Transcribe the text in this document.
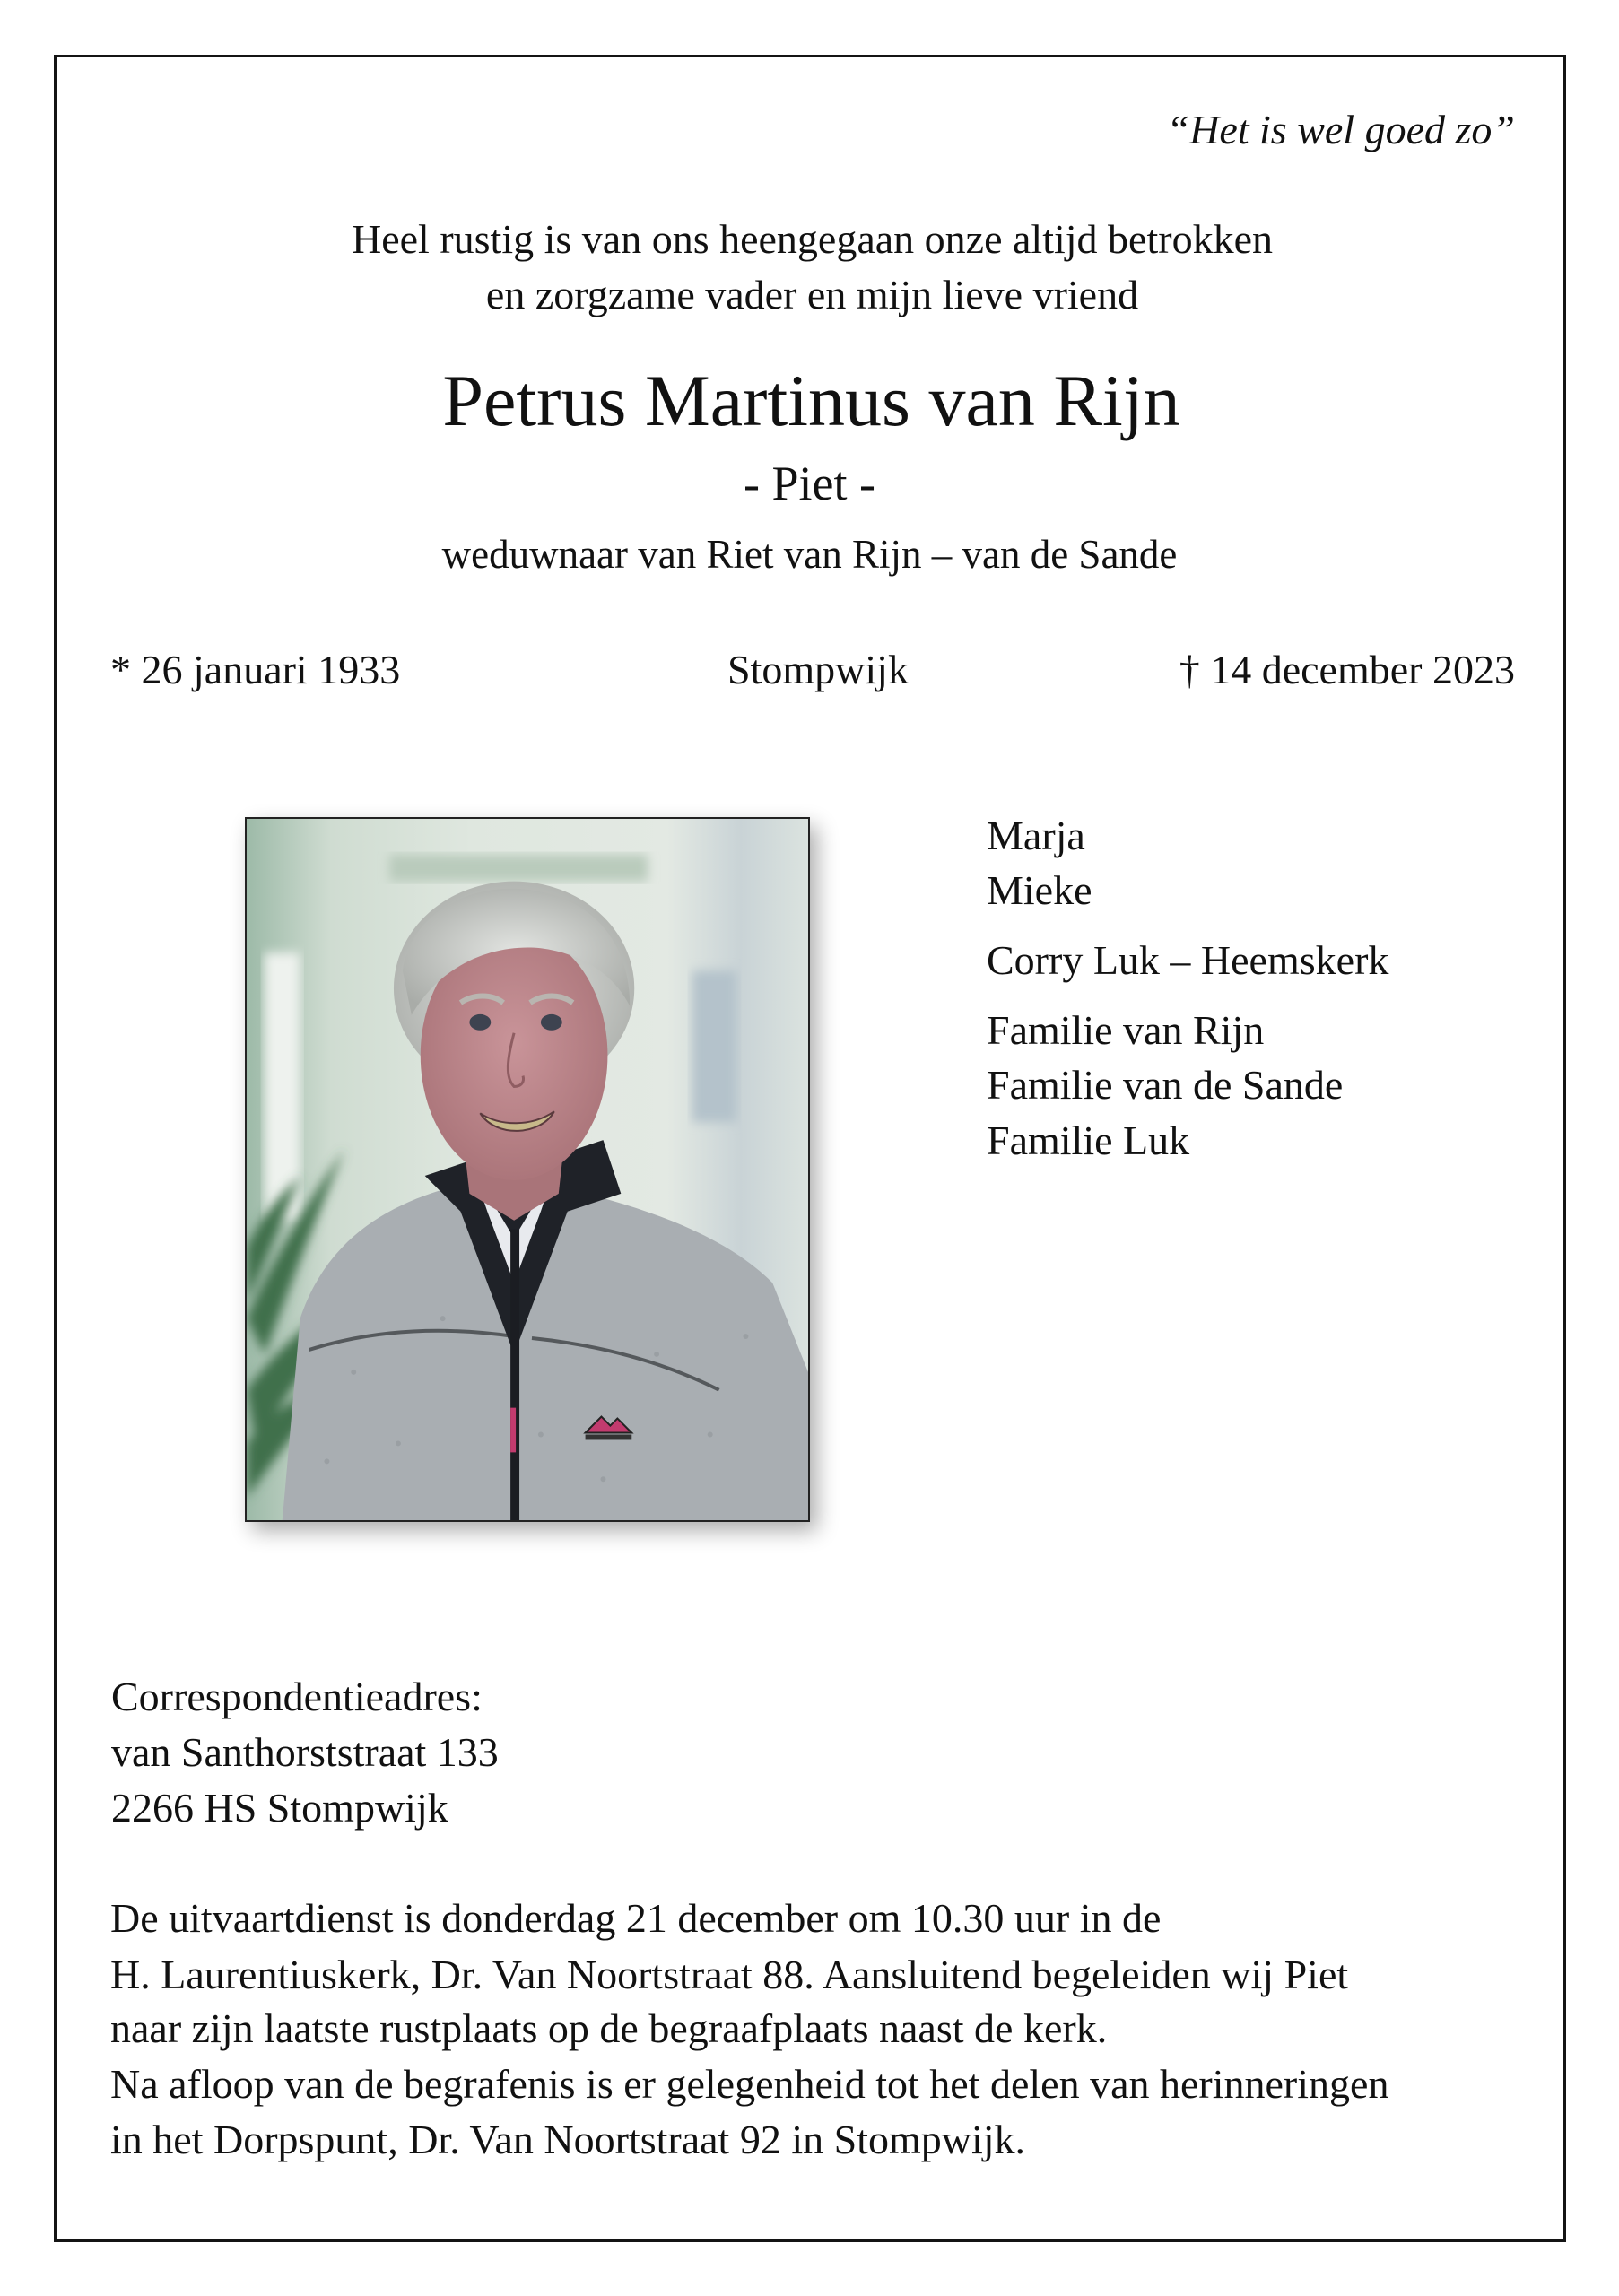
“Het is wel goed zo”
Heel rustig is van ons heengegaan onze altijd betrokken
en zorgzame vader en mijn lieve vriend
Petrus Martinus van Rijn
- Piet -
weduwnaar van Riet van Rijn – van de Sande
* 26 januari 1933	Stompwijk	† 14 december 2023
Marja
Mieke
Corry Luk – Heemskerk
Familie van Rijn
Familie van de Sande
Familie Luk
Correspondentieadres:
van Santhorststraat 133
2266 HS Stompwijk
De uitvaartdienst is donderdag 21 december om 10.30 uur in de
H. Laurentiuskerk, Dr. Van Noortstraat 88. Aansluitend begeleiden wij Piet
naar zijn laatste rustplaats op de begraafplaats naast de kerk.
Na afloop van de begrafenis is er gelegenheid tot het delen van herinneringen
in het Dorpspunt, Dr. Van Noortstraat 92 in Stompwijk.
